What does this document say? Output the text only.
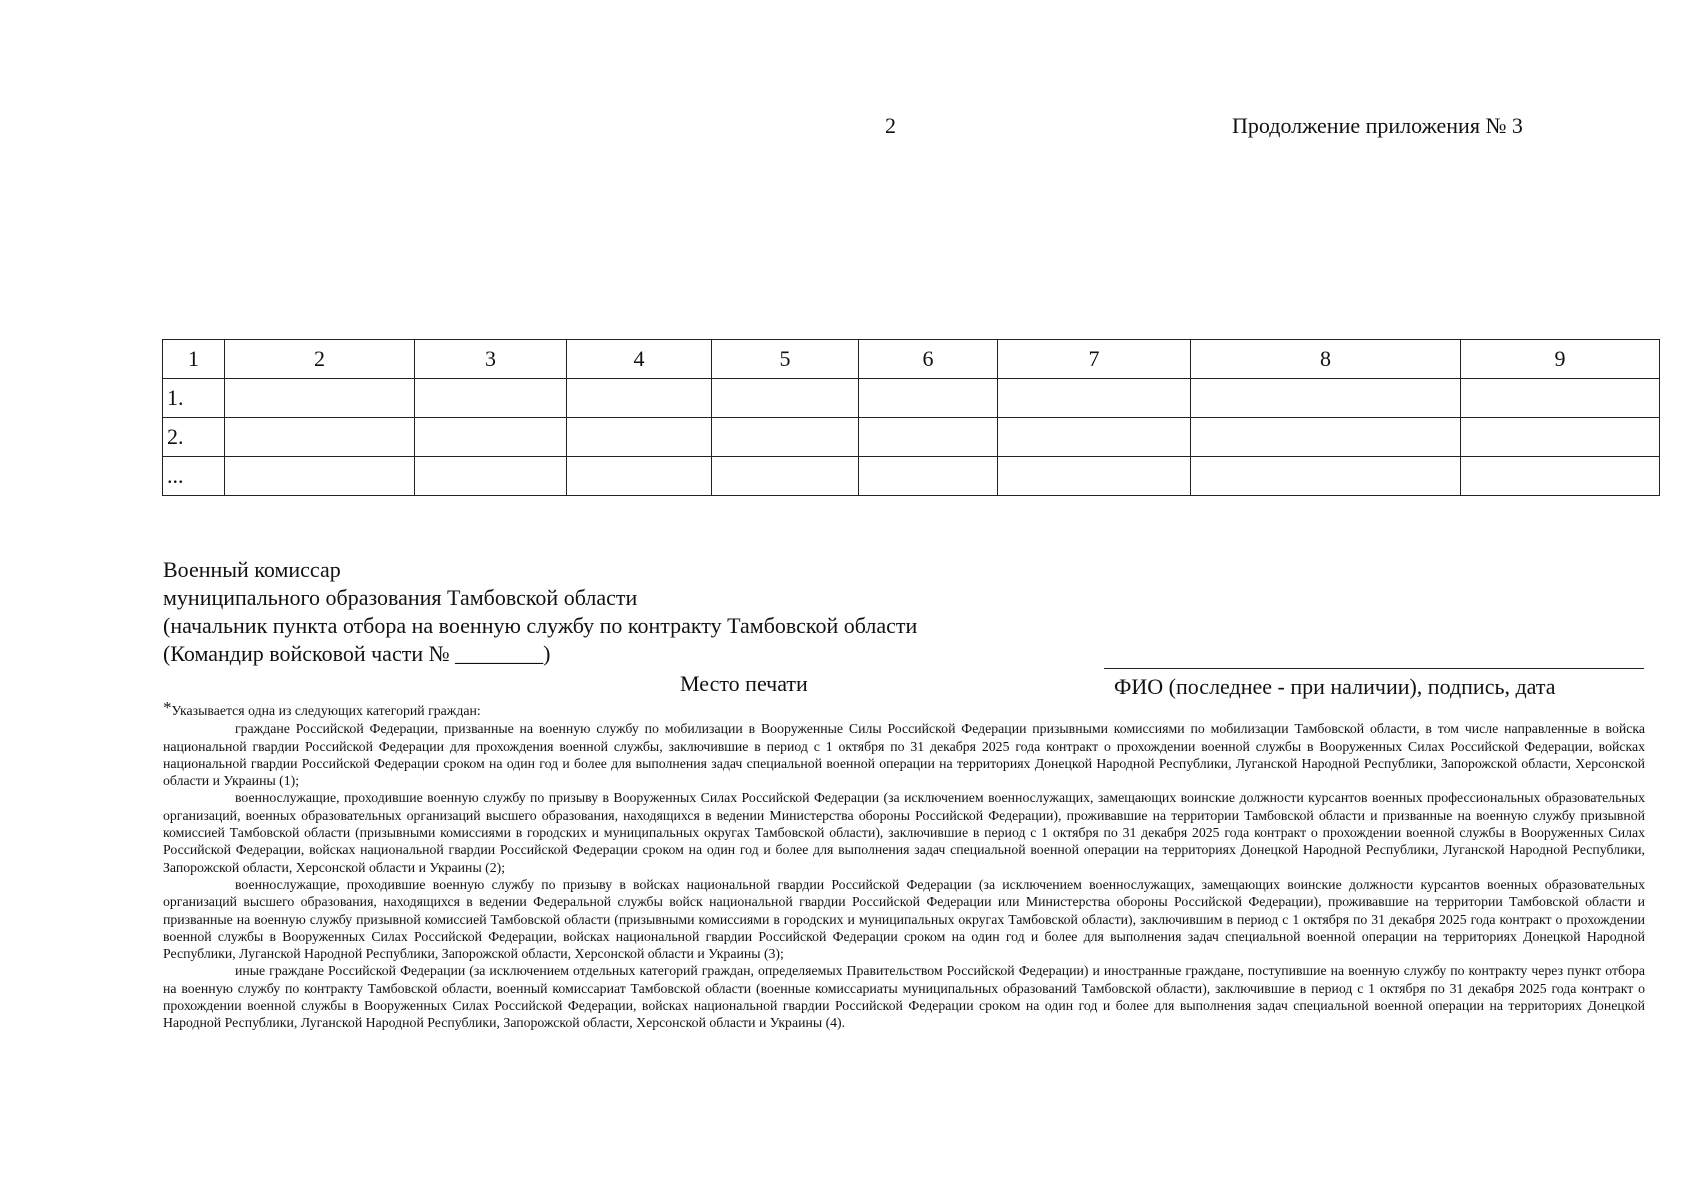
2	Продолжение приложения № 3
1	2	3	4	5	6	7	8	9
1.								
2.								
...								
Военный комиссар
муниципального образования Тамбовской области
(начальник пункта отбора на военную службу по контракту Тамбовской области
(Командир войсковой части № ________)
Место печати	ФИО (последнее - при наличии), подпись, дата

*Указывается одна из следующих категорий граждан:

граждане Российской Федерации, призванные на военную службу по мобилизации в Вооруженные Силы Российской Федерации призывными комиссиями по мобилизации Тамбовской области, в том числе направленные в войска национальной гвардии Российской Федерации для прохождения военной службы, заключившие в период с 1 октября по 31 декабря 2025 года контракт о прохождении военной службы в Вооруженных Силах Российской Федерации, войсках национальной гвардии Российской Федерации сроком на один год и более для выполнения задач специальной военной операции на территориях Донецкой Народной Республики, Луганской Народной Республики, Запорожской области, Херсонской области и Украины (1);

военнослужащие, проходившие военную службу по призыву в Вооруженных Силах Российской Федерации (за исключением военнослужащих, замещающих воинские должности курсантов военных профессиональных образовательных организаций, военных образовательных организаций высшего образования, находящихся в ведении Министерства обороны Российской Федерации), проживавшие на территории Тамбовской области и призванные на военную службу призывной комиссией Тамбовской области (призывными комиссиями в городских и муниципальных округах Тамбовской области), заключившие в период с 1 октября по 31 декабря 2025 года контракт о прохождении военной службы в Вооруженных Силах Российской Федерации, войсках национальной гвардии Российской Федерации сроком на один год и более для выполнения задач специальной военной операции на территориях Донецкой Народной Республики, Луганской Народной Республики, Запорожской области, Херсонской области и Украины (2);

военнослужащие, проходившие военную службу по призыву в войсках национальной гвардии Российской Федерации (за исключением военнослужащих, замещающих воинские должности курсантов военных образовательных организаций высшего образования, находящихся в ведении Федеральной службы войск национальной гвардии Российской Федерации или Министерства обороны Российской Федерации), проживавшие на территории Тамбовской области и призванные на военную службу призывной комиссией Тамбовской области (призывными комиссиями в городских и муниципальных округах Тамбовской области), заключившим в период с 1 октября по 31 декабря 2025 года контракт о прохождении военной службы в Вооруженных Силах Российской Федерации, войсках национальной гвардии Российской Федерации сроком на один год и более для выполнения задач специальной военной операции на территориях Донецкой Народной Республики, Луганской Народной Республики, Запорожской области, Херсонской области и Украины (3);

иные граждане Российской Федерации (за исключением отдельных категорий граждан, определяемых Правительством Российской Федерации) и иностранные граждане, поступившие на военную службу по контракту через пункт отбора на военную службу по контракту Тамбовской области, военный комиссариат Тамбовской области (военные комиссариаты муниципальных образований Тамбовской области), заключившие в период с 1 октября по 31 декабря 2025 года контракт о прохождении военной службы в Вооруженных Силах Российской Федерации, войсках национальной гвардии Российской Федерации сроком на один год и более для выполнения задач специальной военной операции на территориях Донецкой Народной Республики, Луганской Народной Республики, Запорожской области, Херсонской области и Украины (4).
